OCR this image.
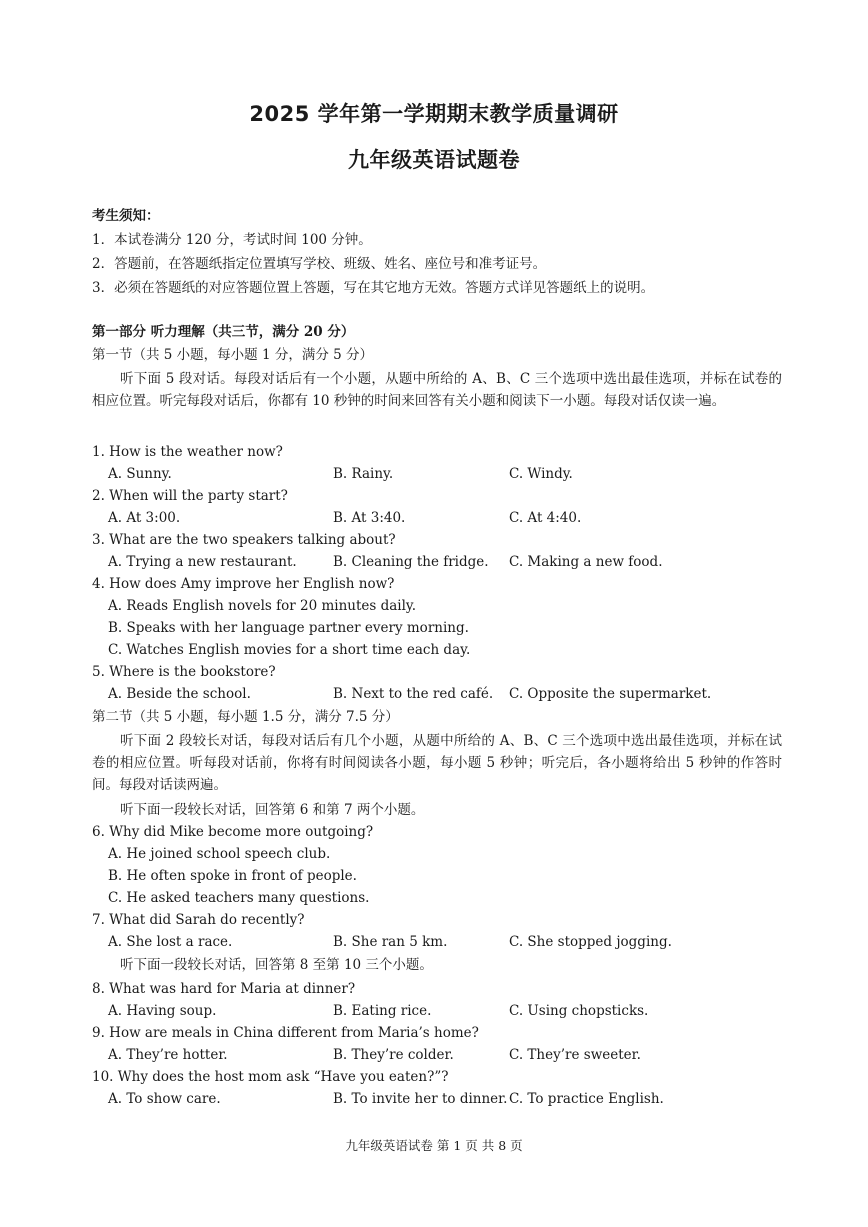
2025 学年第一学期期末教学质量调研
九年级英语试题卷
考生须知：
1．本试卷满分 120 分，考试时间 100 分钟。
2．答题前，在答题纸指定位置填写学校、班级、姓名、座位号和准考证号。
3．必须在答题纸的对应答题位置上答题，写在其它地方无效。答题方式详见答题纸上的说明。
第一部分 听力理解（共三节，满分 20 分）
第一节（共 5 小题，每小题 1 分，满分 5 分）
听下面 5 段对话。每段对话后有一个小题，从题中所给的 A、B、C 三个选项中选出最佳选项，并标在试卷的相应位置。听完每段对话后，你都有 10 秒钟的时间来回答有关小题和阅读下一小题。每段对话仅读一遍。
1. How is the weather now?
A. Sunny.	B. Rainy.	C. Windy.
2. When will the party start?
A. At 3:00.	B. At 3:40.	C. At 4:40.
3. What are the two speakers talking about?
A. Trying a new restaurant.	B. Cleaning the fridge. C. Making a new food.
4. How does Amy improve her English now?
A. Reads English novels for 20 minutes daily.
B. Speaks with her language partner every morning.
C. Watches English movies for a short time each day.
5. Where is the bookstore?
A. Beside the school.	B. Next to the red café. C. Opposite the supermarket.
第二节（共 5 小题，每小题 1.5 分，满分 7.5 分）
听下面 2 段较长对话，每段对话后有几个小题，从题中所给的 A、B、C 三个选项中选出最佳选项，并标在试卷的相应位置。听每段对话前，你将有时间阅读各小题，每小题 5 秒钟；听完后，各小题将给出 5 秒钟的作答时间。每段对话读两遍。
听下面一段较长对话，回答第 6 和第 7 两个小题。
6. Why did Mike become more outgoing?
A. He joined school speech club.
B. He often spoke in front of people.
C. He asked teachers many questions.
7. What did Sarah do recently?
A. She lost a race.	B. She ran 5 km.	C. She stopped jogging.
听下面一段较长对话，回答第 8 至第 10 三个小题。
8. What was hard for Maria at dinner?
A. Having soup.	B. Eating rice.	C. Using chopsticks.
9. How are meals in China different from Maria’s home?
A. They’re hotter.	B. They’re colder.	C. They’re sweeter.
10. Why does the host mom ask “Have you eaten?”?
A. To show care.	B. To invite her to dinner. C. To practice English.
九年级英语试卷 第 1 页 共 8 页
